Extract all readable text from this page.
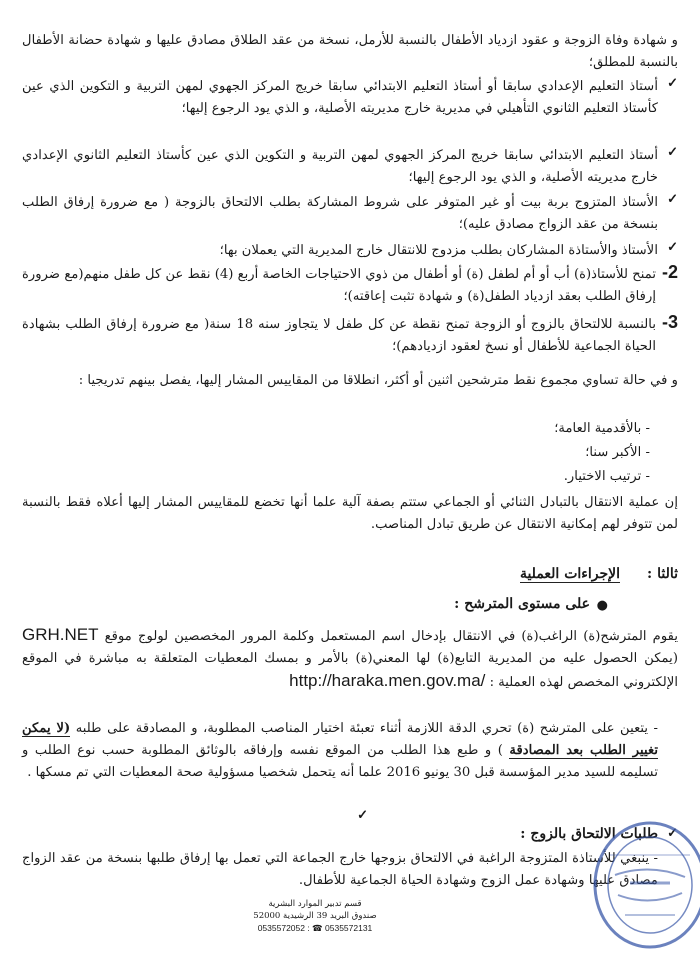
و شهادة وفاة الزوجة و عقود ازدياد الأطفال بالنسبة للأرمل، نسخة من عقد الطلاق مصادق عليها و شهادة حضانة الأطفال بالنسبة للمطلق؛
✓
أستاذ التعليم الإعدادي سابقا أو أستاذ التعليم الابتدائي سابقا خريج المركز الجهوي لمهن التربية و التكوين الذي عين كأستاذ التعليم الثانوي التأهيلي في مديرية خارج مديريته الأصلية، و الذي يود الرجوع إليها؛
✓
أستاذ التعليم الابتدائي سابقا خريج المركز الجهوي لمهن التربية و التكوين الذي عين كأستاذ التعليم الثانوي الإعدادي خارج مديريته الأصلية، و الذي يود الرجوع إليها؛
✓
الأستاذ المتزوج بربة بيت أو غير المتوفر على شروط المشاركة بطلب الالتحاق بالزوجة ( مع ضرورة إرفاق الطلب بنسخة من عقد الزواج مصادق عليه)؛
✓
الأستاذ والأستاذة المشاركان بطلب مزدوج للانتقال خارج المديرية التي يعملان بها؛
2-
تمنح للأستاذ(ة) أب أو أم لطفل (ة) أو أطفال من ذوي الاحتياجات الخاصة أربع (4) نقط عن كل طفل منهم(مع ضرورة إرفاق الطلب بعقد ازدياد الطفل(ة) و شهادة تثبت إعاقته)؛
3-
بالنسبة للالتحاق بالزوج أو الزوجة تمنح نقطة عن كل طفل لا يتجاوز سنه 18 سنة( مع ضرورة إرفاق الطلب بشهادة الحياة الجماعية للأطفال أو نسخ لعقود ازديادهم)؛
و في حالة تساوي مجموع نقط مترشحين اثنين أو أكثر، انطلاقا من المقاييس المشار إليها، يفصل بينهم تدريجيا :
- بالأقدمية العامة؛
- الأكبر سنا؛
- ترتيب الاختيار.
إن عملية الانتقال بالتبادل الثنائي أو الجماعي ستتم بصفة آلية علما أنها تخضع للمقاييس المشار إليها أعلاه فقط بالنسبة لمن تتوفر لهم إمكانية الانتقال عن طريق تبادل المناصب.
ثالثا :
الإجراءات العملية
●
على مستوى المترشح :
يقوم المترشح(ة) الراغب(ة) في الانتقال بإدخال اسم المستعمل وكلمة المرور المخصصين لولوج موقع GRH.NET (يمكن الحصول عليه من المديرية التابع(ة) لها المعني(ة) بالأمر و بمسك المعطيات المتعلقة به مباشرة في الموقع الإلكتروني المخصص لهذه العملية : http://haraka.men.gov.ma/
- يتعين على المترشح (ة) تحري الدقة اللازمة أثناء تعبئة اختيار المناصب المطلوبة، و المصادقة على طلبه (لا يمكن تغيير الطلب بعد المصادقة ) و طبع هذا الطلب من الموقع نفسه وإرفاقه بالوثائق المطلوبة حسب نوع الطلب و تسليمه للسيد مدير المؤسسة قبل 30 يونيو 2016 علما أنه يتحمل شخصيا مسؤولية صحة المعطيات التي تم مسكها .
✓
✓
طلبات الالتحاق بالزوج :
- ينبغي للأستاذة المتزوجة الراغبة في الالتحاق بزوجها خارج الجماعة التي تعمل بها إرفاق طلبها بنسخة من عقد الزواج مصادق عليها وشهادة عمل الزوج وشهادة الحياة الجماعية للأطفال.
قسم تدبير الموارد البشرية
صندوق البريد 39 الرشيدية 52000
0535572052 : ☎ 0535572131
